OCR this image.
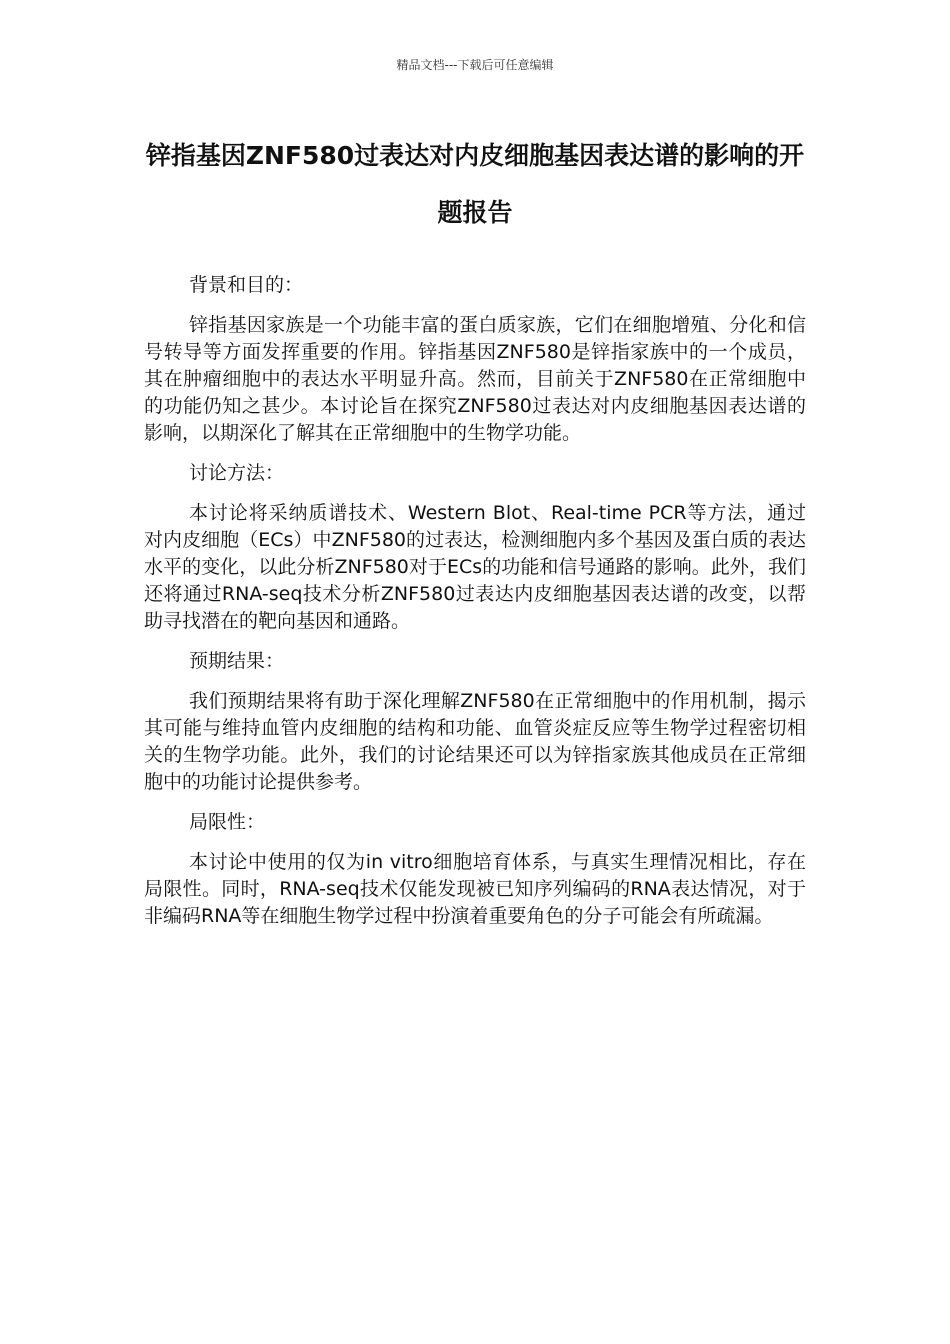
精品文档---下载后可任意编辑
锌指基因ZNF580过表达对内皮细胞基因表达谱的影响的开题报告

背景和目的：

锌指基因家族是一个功能丰富的蛋白质家族，它们在细胞增殖、分化和信号转导等方面发挥重要的作用。锌指基因ZNF580是锌指家族中的一个成员，其在肿瘤细胞中的表达水平明显升高。然而，目前关于ZNF580在正常细胞中的功能仍知之甚少。本讨论旨在探究ZNF580过表达对内皮细胞基因表达谱的影响，以期深化了解其在正常细胞中的生物学功能。

讨论方法：

本讨论将采纳质谱技术、Western Blot、Real-time PCR等方法，通过对内皮细胞（ECs）中ZNF580的过表达，检测细胞内多个基因及蛋白质的表达水平的变化，以此分析ZNF580对于ECs的功能和信号通路的影响。此外，我们还将通过RNA-seq技术分析ZNF580过表达内皮细胞基因表达谱的改变，以帮助寻找潜在的靶向基因和通路。

预期结果：

我们预期结果将有助于深化理解ZNF580在正常细胞中的作用机制，揭示其可能与维持血管内皮细胞的结构和功能、血管炎症反应等生物学过程密切相关的生物学功能。此外，我们的讨论结果还可以为锌指家族其他成员在正常细胞中的功能讨论提供参考。

局限性：

本讨论中使用的仅为in vitro细胞培育体系，与真实生理情况相比，存在局限性。同时，RNA-seq技术仅能发现被已知序列编码的RNA表达情况，对于非编码RNA等在细胞生物学过程中扮演着重要角色的分子可能会有所疏漏。
